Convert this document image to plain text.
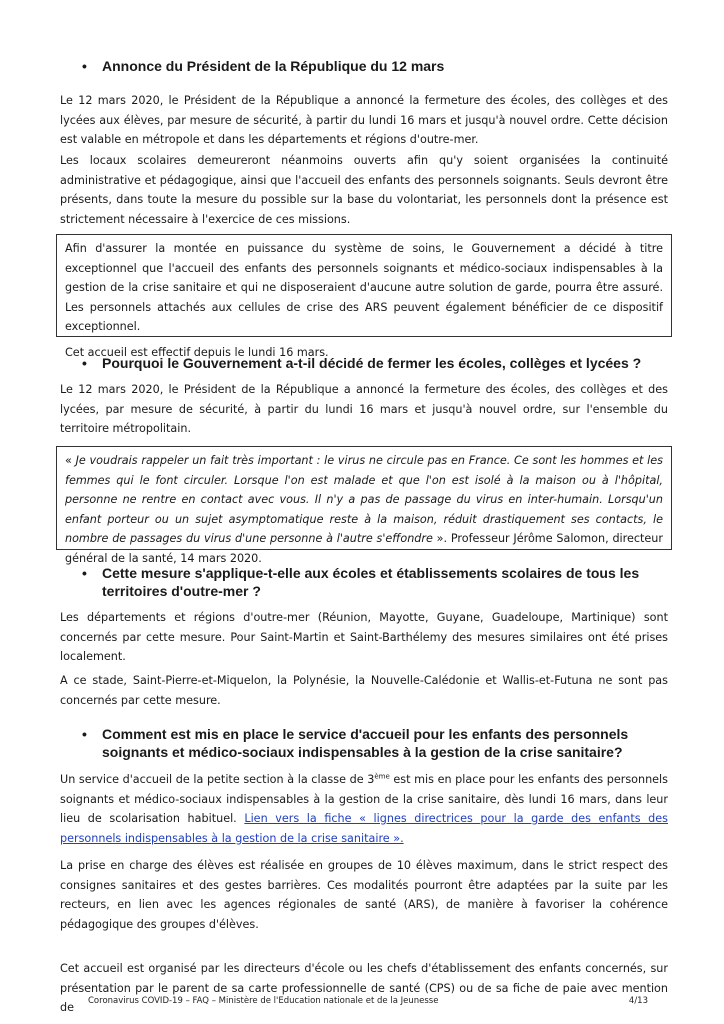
• Annonce du Président de la République du 12 mars

Le 12 mars 2020, le Président de la République a annoncé la fermeture des écoles, des collèges et des lycées aux élèves, par mesure de sécurité, à partir du lundi 16 mars et jusqu'à nouvel ordre. Cette décision est valable en métropole et dans les départements et régions d'outre-mer.

Les locaux scolaires demeureront néanmoins ouverts afin qu'y soient organisées la continuité administrative et pédagogique, ainsi que l'accueil des enfants des personnels soignants. Seuls devront être présents, dans toute la mesure du possible sur la base du volontariat, les personnels dont la présence est strictement nécessaire à l'exercice de ces missions.

Afin d'assurer la montée en puissance du système de soins, le Gouvernement a décidé à titre exceptionnel que l'accueil des enfants des personnels soignants et médico-sociaux indispensables à la gestion de la crise sanitaire et qui ne disposeraient d'aucune autre solution de garde, pourra être assuré. Les personnels attachés aux cellules de crise des ARS peuvent également bénéficier de ce dispositif exceptionnel.

Cet accueil est effectif depuis le lundi 16 mars.

• Pourquoi le Gouvernement a-t-il décidé de fermer les écoles, collèges et lycées ?

Le 12 mars 2020, le Président de la République a annoncé la fermeture des écoles, des collèges et des lycées, par mesure de sécurité, à partir du lundi 16 mars et jusqu'à nouvel ordre, sur l'ensemble du territoire métropolitain.

« Je voudrais rappeler un fait très important : le virus ne circule pas en France. Ce sont les hommes et les femmes qui le font circuler. Lorsque l'on est malade et que l'on est isolé à la maison ou à l'hôpital, personne ne rentre en contact avec vous. Il n'y a pas de passage du virus en inter-humain. Lorsqu'un enfant porteur ou un sujet asymptomatique reste à la maison, réduit drastiquement ses contacts, le nombre de passages du virus d'une personne à l'autre s'effondre ». Professeur Jérôme Salomon, directeur général de la santé, 14 mars 2020.

• Cette mesure s'applique-t-elle aux écoles et établissements scolaires de tous les territoires d'outre-mer ?

Les départements et régions d'outre-mer (Réunion, Mayotte, Guyane, Guadeloupe, Martinique) sont concernés par cette mesure. Pour Saint-Martin et Saint-Barthélemy des mesures similaires ont été prises localement.

A ce stade, Saint-Pierre-et-Miquelon, la Polynésie, la Nouvelle-Calédonie et Wallis-et-Futuna ne sont pas concernés par cette mesure.

• Comment est mis en place le service d'accueil pour les enfants des personnels soignants et médico-sociaux indispensables à la gestion de la crise sanitaire?

Un service d'accueil de la petite section à la classe de 3ème est mis en place pour les enfants des personnels soignants et médico-sociaux indispensables à la gestion de la crise sanitaire, dès lundi 16 mars, dans leur lieu de scolarisation habituel. Lien vers la fiche « lignes directrices pour la garde des enfants des personnels indispensables à la gestion de la crise sanitaire ».

La prise en charge des élèves est réalisée en groupes de 10 élèves maximum, dans le strict respect des consignes sanitaires et des gestes barrières. Ces modalités pourront être adaptées par la suite par les recteurs, en lien avec les agences régionales de santé (ARS), de manière à favoriser la cohérence pédagogique des groupes d'élèves.

Cet accueil est organisé par les directeurs d'école ou les chefs d'établissement des enfants concernés, sur présentation par le parent de sa carte professionnelle de santé (CPS) ou de sa fiche de paie avec mention de	Coronavirus COVID-19 – FAQ – Ministère de l'Education nationale et de la Jeunesse	4/13
